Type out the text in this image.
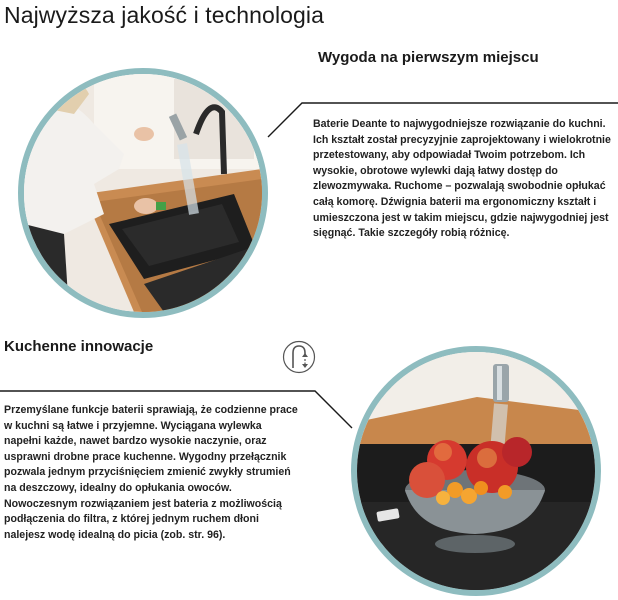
Najwyższa jakość i technologia
Wygoda na pierwszym miejscu
Baterie Deante to najwygodniejsze rozwiązanie do kuchni. Ich kształt został precyzyjnie zaprojektowany i wielokrotnie przetestowany, aby odpowiadał Twoim potrzebom. Ich wysokie, obrotowe wylewki dają łatwy dostęp do zlewozmywaka. Ruchome – pozwalają swobodnie opłukać całą komorę. Dźwignia baterii ma ergonomiczny kształt i umieszczona jest w takim miejscu, gdzie najwygodniej jest sięgnąć. Takie szczegóły robią różnicę.
Kuchenne innowacje
Przemyślane funkcje baterii sprawiają, że codzienne prace w kuchni są łatwe i przyjemne. Wyciągana wylewka napełni każde, nawet bardzo wysokie naczynie, oraz usprawni drobne prace kuchenne. Wygodny przełącznik pozwala jednym przyciśnięciem zmienić zwykły strumień na deszczowy, idealny do opłukania owoców. Nowoczesnym rozwiązaniem jest bateria z możliwością podłączenia do filtra, z której jednym ruchem dłoni nalejesz wodę idealną do picia (zob. str. 96).
